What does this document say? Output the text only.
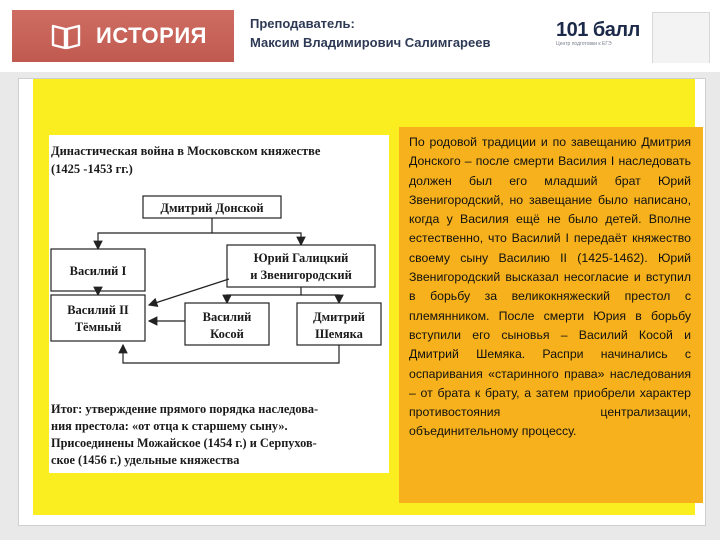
ИСТОРИЯ	Преподаватель:
Максим Владимирович Салимгареев
101 балл
Центр подготовки к ЕГЭ
Династическая война в Московском княжестве
(1425 -1453 гг.)
Дмитрий Донской
Василий I
Юрий Галицкий
и Звенигородский
Василий II
Тёмный
Василий
Косой
Дмитрий
Шемяка
Итог: утверждение прямого порядка наследова-
ния престола: «от отца к старшему сыну».
Присоединены Можайское (1454 г.) и Серпухов-
ское (1456 г.) удельные княжества

По родовой традиции и по завещанию Дмитрия Донского – после смерти Василия I наследовать должен был его младший брат Юрий Звенигородский, но завещание было написано, когда у Василия ещё не было детей. Вполне естественно, что Василий I передаёт княжество своему сыну Василию II (1425-1462). Юрий Звенигородский высказал несогласие и вступил в борьбу за великокняжеский престол с племянником. После смерти Юрия в борьбу вступили его сыновья – Василий Косой и Дмитрий Шемяка. Распри начинались с оспаривания «старинного права» наследования – от брата к брату, а затем приобрели характер противостояния централизации, объединительному процессу.
